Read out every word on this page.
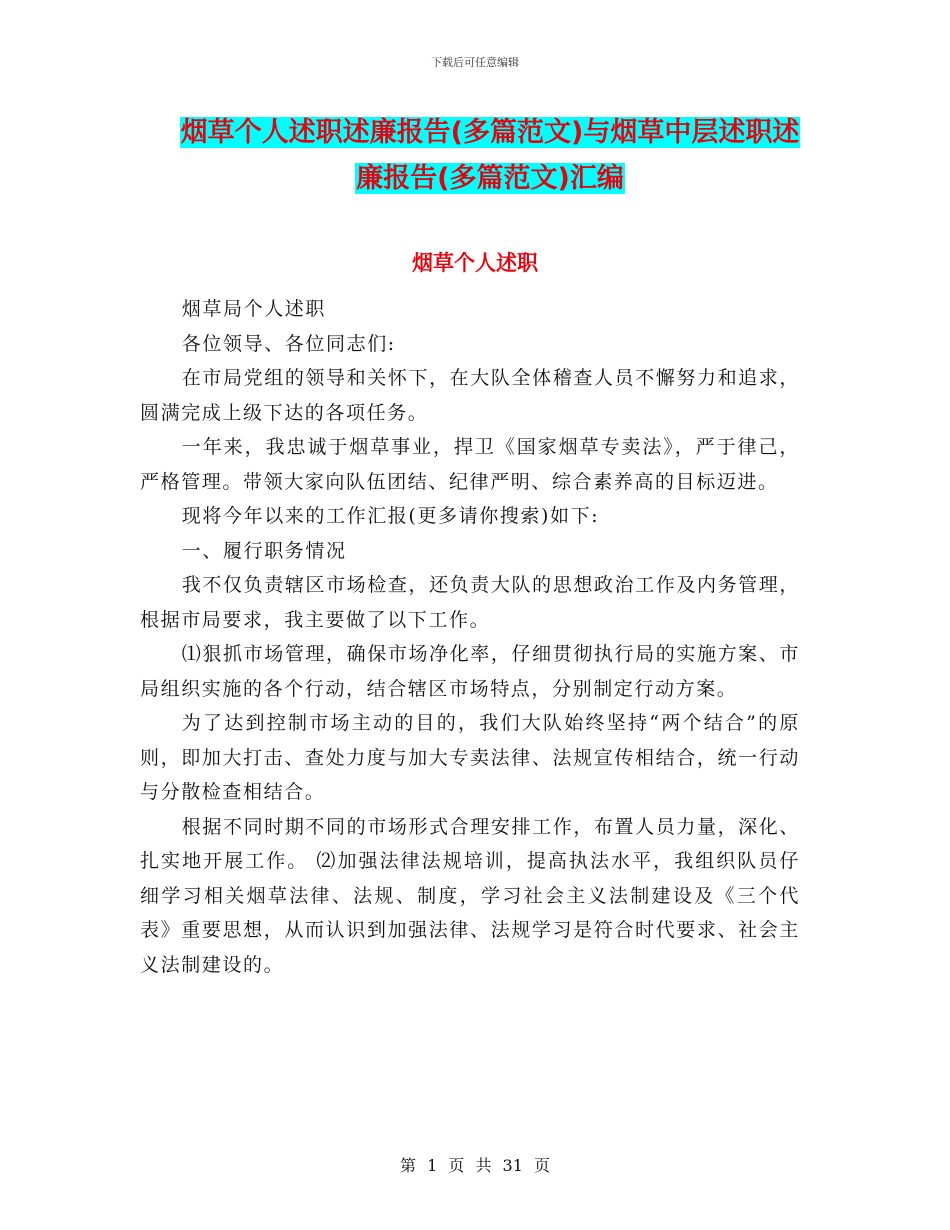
下载后可任意编辑
烟草个人述职述廉报告(多篇范文)与烟草中层述职述
廉报告(多篇范文)汇编
烟草个人述职

烟草局个人述职

各位领导、各位同志们:

在市局党组的领导和关怀下，在大队全体稽查人员不懈努力和追求，圆满完成上级下达的各项任务。

一年来，我忠诚于烟草事业，捍卫《国家烟草专卖法》，严于律己，严格管理。带领大家向队伍团结、纪律严明、综合素养高的目标迈进。

现将今年以来的工作汇报(更多请你搜索)如下:

一、履行职务情况

我不仅负责辖区市场检查，还负责大队的思想政治工作及内务管理，根据市局要求，我主要做了以下工作。

⑴狠抓市场管理，确保市场净化率，仔细贯彻执行局的实施方案、市局组织实施的各个行动，结合辖区市场特点，分别制定行动方案。

为了达到控制市场主动的目的，我们大队始终坚持“两个结合”的原则，即加大打击、查处力度与加大专卖法律、法规宣传相结合，统一行动与分散检查相结合。

根据不同时期不同的市场形式合理安排工作，布置人员力量，深化、扎实地开展工作。 ⑵加强法律法规培训，提高执法水平，我组织队员仔细学习相关烟草法律、法规、制度，学习社会主义法制建设及《三个代表》重要思想，从而认识到加强法律、法规学习是符合时代要求、社会主义法制建设的。

第 1 页 共 31 页
